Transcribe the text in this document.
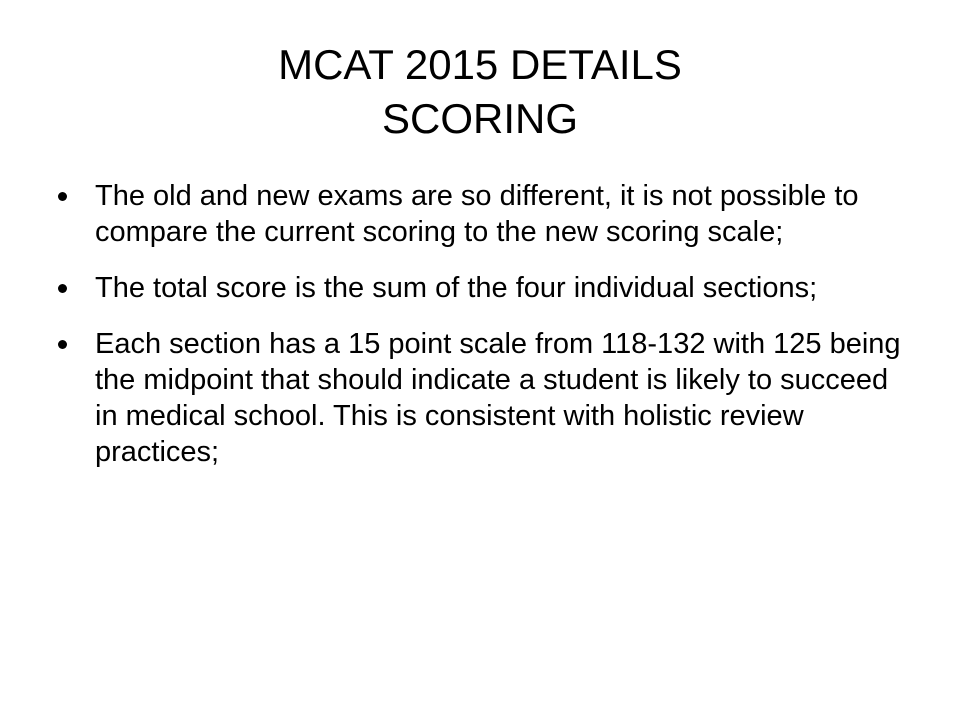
MCAT 2015 DETAILS
SCORING
The old and new exams are so different, it is not possible to compare the current scoring to the new scoring scale;
The total score is the sum of the four individual sections;
Each section has a 15 point scale from 118-132 with 125 being the midpoint that should indicate a student is likely to succeed in medical school. This is consistent with holistic review practices;
